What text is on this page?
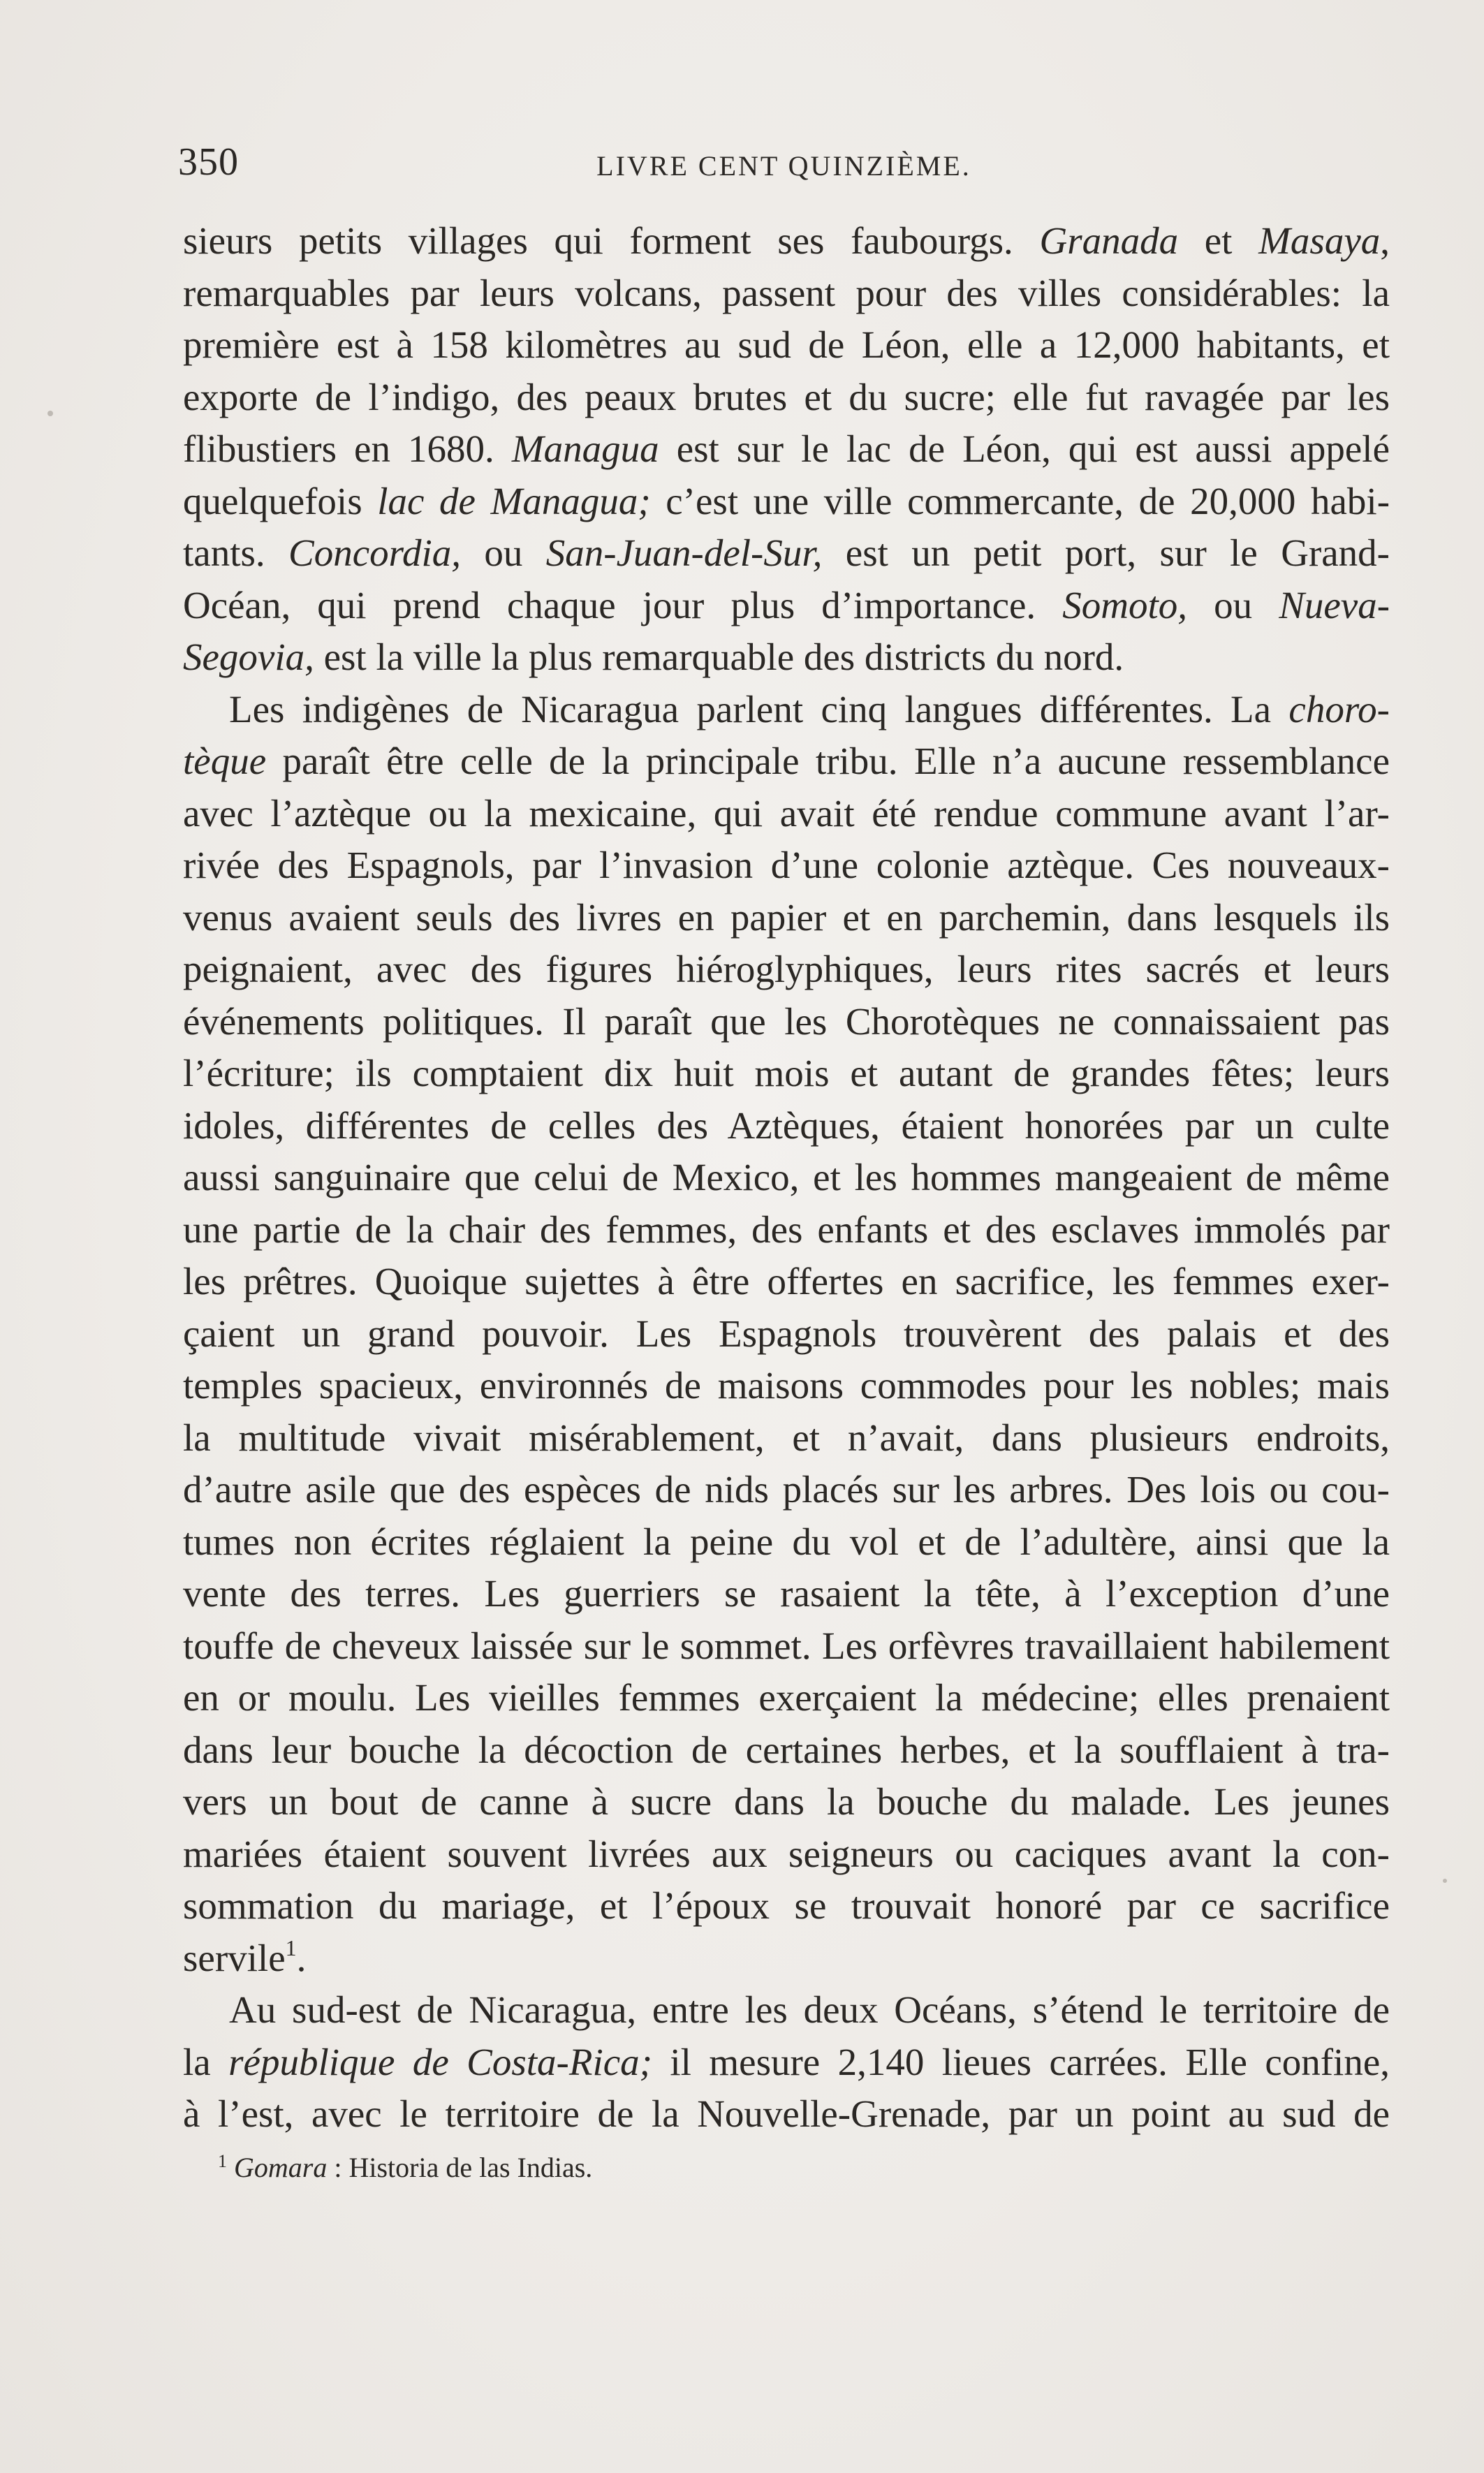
350	LIVRE CENT QUINZIÈME.
sieurs petits villages qui forment ses faubourgs. Granada et Masaya,
remarquables par leurs volcans, passent pour des villes considérables: la
première est à 158 kilomètres au sud de Léon, elle a 12,000 habitants, et
exporte de l’indigo, des peaux brutes et du sucre; elle fut ravagée par les
flibustiers en 1680. Managua est sur le lac de Léon, qui est aussi appelé
quelquefois lac de Managua; c’est une ville commercante, de 20,000 habi-
tants. Concordia, ou San-Juan-del-Sur, est un petit port, sur le Grand-
Océan, qui prend chaque jour plus d’importance. Somoto, ou Nueva-
Segovia, est la ville la plus remarquable des districts du nord.
Les indigènes de Nicaragua parlent cinq langues différentes. La choro-
tèque paraît être celle de la principale tribu. Elle n’a aucune ressemblance
avec l’aztèque ou la mexicaine, qui avait été rendue commune avant l’ar-
rivée des Espagnols, par l’invasion d’une colonie aztèque. Ces nouveaux-
venus avaient seuls des livres en papier et en parchemin, dans lesquels ils
peignaient, avec des figures hiéroglyphiques, leurs rites sacrés et leurs
événements politiques. Il paraît que les Chorotèques ne connaissaient pas
l’écriture; ils comptaient dix huit mois et autant de grandes fêtes; leurs
idoles, différentes de celles des Aztèques, étaient honorées par un culte
aussi sanguinaire que celui de Mexico, et les hommes mangeaient de même
une partie de la chair des femmes, des enfants et des esclaves immolés par
les prêtres. Quoique sujettes à être offertes en sacrifice, les femmes exer-
çaient un grand pouvoir. Les Espagnols trouvèrent des palais et des
temples spacieux, environnés de maisons commodes pour les nobles; mais
la multitude vivait misérablement, et n’avait, dans plusieurs endroits,
d’autre asile que des espèces de nids placés sur les arbres. Des lois ou cou-
tumes non écrites réglaient la peine du vol et de l’adultère, ainsi que la
vente des terres. Les guerriers se rasaient la tête, à l’exception d’une
touffe de cheveux laissée sur le sommet. Les orfèvres travaillaient habilement
en or moulu. Les vieilles femmes exerçaient la médecine; elles prenaient
dans leur bouche la décoction de certaines herbes, et la soufflaient à tra-
vers un bout de canne à sucre dans la bouche du malade. Les jeunes
mariées étaient souvent livrées aux seigneurs ou caciques avant la con-
sommation du mariage, et l’époux se trouvait honoré par ce sacrifice
servile$^1$.
Au sud-est de Nicaragua, entre les deux Océans, s’étend le territoire de
la république de Costa-Rica; il mesure 2,140 lieues carrées. Elle confine,
à l’est, avec le territoire de la Nouvelle-Grenade, par un point au sud de
$^1$ Gomara : Historia de las Indias.
